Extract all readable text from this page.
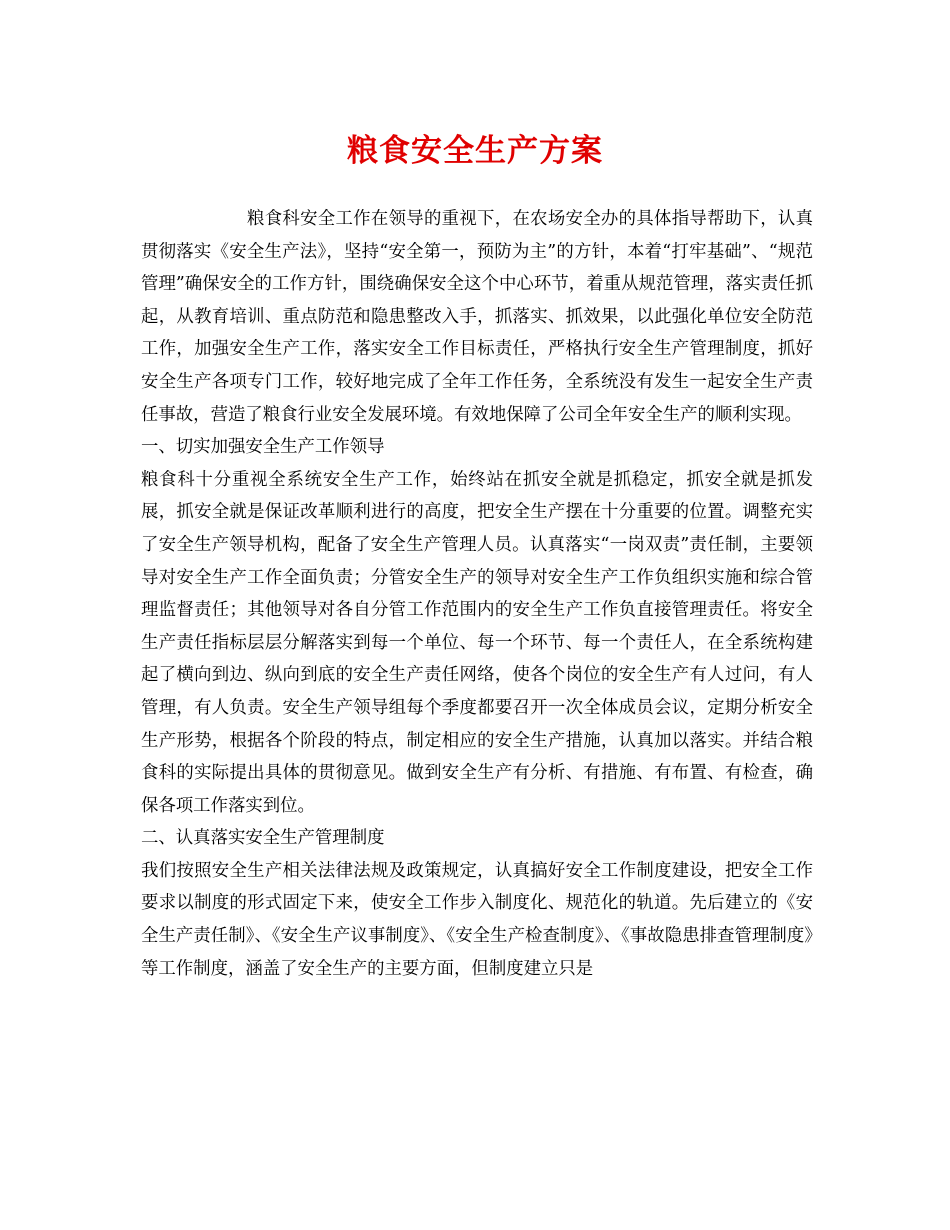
粮食安全生产方案

粮食科安全工作在领导的重视下，在农场安全办的具体指导帮助下，认真贯彻落实《安全生产法》，坚持“安全第一，预防为主”的方针，本着“打牢基础”、“规范管理”确保安全的工作方针，围绕确保安全这个中心环节，着重从规范管理，落实责任抓起，从教育培训、重点防范和隐患整改入手，抓落实、抓效果，以此强化单位安全防范工作，加强安全生产工作，落实安全工作目标责任，严格执行安全生产管理制度，抓好安全生产各项专门工作，较好地完成了全年工作任务，全系统没有发生一起安全生产责任事故，营造了粮食行业安全发展环境。有效地保障了公司全年安全生产的顺利实现。

一、切实加强安全生产工作领导

粮食科十分重视全系统安全生产工作，始终站在抓安全就是抓稳定，抓安全就是抓发展，抓安全就是保证改革顺利进行的高度，把安全生产摆在十分重要的位置。调整充实了安全生产领导机构，配备了安全生产管理人员。认真落实“一岗双责”责任制，主要领导对安全生产工作全面负责；分管安全生产的领导对安全生产工作负组织实施和综合管理监督责任；其他领导对各自分管工作范围内的安全生产工作负直接管理责任。将安全生产责任指标层层分解落实到每一个单位、每一个环节、每一个责任人，在全系统构建起了横向到边、纵向到底的安全生产责任网络，使各个岗位的安全生产有人过问，有人管理，有人负责。安全生产领导组每个季度都要召开一次全体成员会议，定期分析安全生产形势，根据各个阶段的特点，制定相应的安全生产措施，认真加以落实。并结合粮食科的实际提出具体的贯彻意见。做到安全生产有分析、有措施、有布置、有检查，确保各项工作落实到位。

二、认真落实安全生产管理制度

我们按照安全生产相关法律法规及政策规定，认真搞好安全工作制度建设，把安全工作要求以制度的形式固定下来，使安全工作步入制度化、规范化的轨道。先后建立的《安全生产责任制》、《安全生产议事制度》、《安全生产检查制度》、《事故隐患排查管理制度》等工作制度，涵盖了安全生产的主要方面，但制度建立只是
